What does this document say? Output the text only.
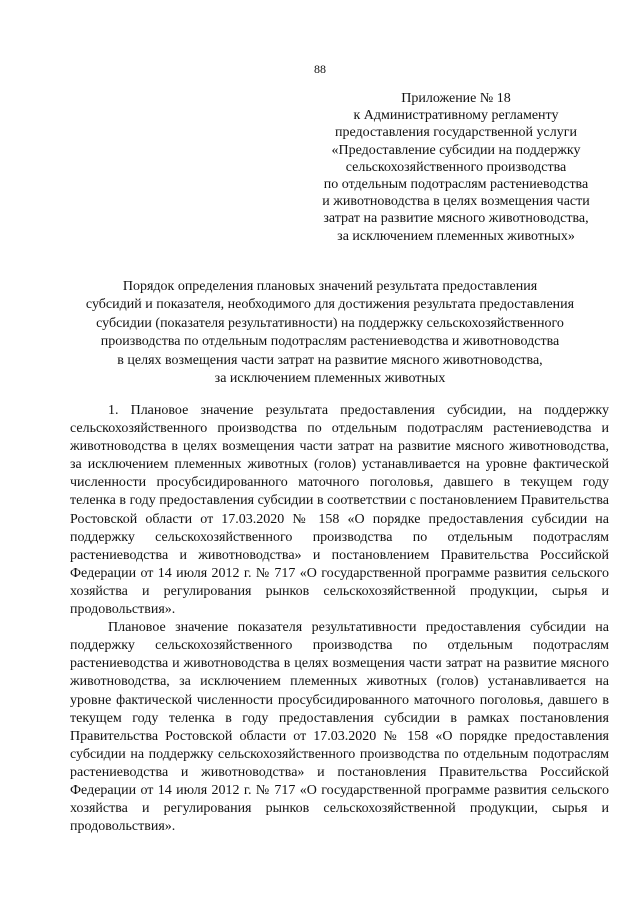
88
Приложение № 18
к Административному регламенту
предоставления государственной услуги
«Предоставление субсидии на поддержку
сельскохозяйственного производства
по отдельным подотраслям растениеводства
и животноводства в целях возмещения части
затрат на развитие мясного животноводства,
за исключением племенных животных»
Порядок определения плановых значений результата предоставления
субсидий и показателя, необходимого для достижения результата предоставления
субсидии (показателя результативности) на поддержку сельскохозяйственного
производства по отдельным подотраслям растениеводства и животноводства
в целях возмещения части затрат на развитие мясного животноводства,
за исключением племенных животных

1. Плановое значение результата предоставления субсидии, на поддержку сельскохозяйственного производства по отдельным подотраслям растениеводства и животноводства в целях возмещения части затрат на развитие мясного животноводства, за исключением племенных животных (голов) устанавливается на уровне фактической численности просубсидированного маточного поголовья, давшего в текущем году теленка в году предоставления субсидии в соответствии с постановлением Правительства Ростовской области от 17.03.2020 № 158 «О порядке предоставления субсидии на поддержку сельскохозяйственного производства по отдельным подотраслям растениеводства и животноводства» и постановлением Правительства Российской Федерации от 14 июля 2012 г. № 717 «О государственной программе развития сельского хозяйства и регулирования рынков сельскохозяйственной продукции, сырья и продовольствия».

Плановое значение показателя результативности предоставления субсидии на поддержку сельскохозяйственного производства по отдельным подотраслям растениеводства и животноводства в целях возмещения части затрат на развитие мясного животноводства, за исключением племенных животных (голов) устанавливается на уровне фактической численности просубсидированного маточного поголовья, давшего в текущем году теленка в году предоставления субсидии в рамках постановления Правительства Ростовской области от 17.03.2020 № 158 «О порядке предоставления субсидии на поддержку сельскохозяйственного производства по отдельным подотраслям растениеводства и животноводства» и постановления Правительства Российской Федерации от 14 июля 2012 г. № 717 «О государственной программе развития сельского хозяйства и регулирования рынков сельскохозяйственной продукции, сырья и продовольствия».
